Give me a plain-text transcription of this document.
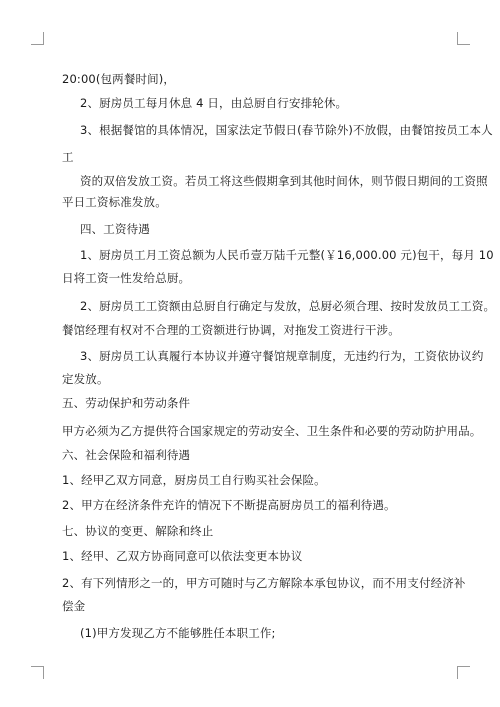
20:00(包两餐时间)，

2、厨房员工每月休息 4 日，由总厨自行安排轮休。

3、根据餐馆的具体情况，国家法定节假日(春节除外)不放假，由餐馆按员工本人

工

资的双倍发放工资。若员工将这些假期拿到其他时间休，则节假日期间的工资照

平日工资标准发放。

四、工资待遇

1、厨房员工月工资总额为人民币壹万陆千元整(￥16,000.00 元)包干，每月 10

日将工资一性发给总厨。

2、厨房员工工资额由总厨自行确定与发放，总厨必须合理、按时发放员工工资。

餐馆经理有权对不合理的工资额进行协调，对拖发工资进行干涉。

3、厨房员工认真履行本协议并遵守餐馆规章制度，无违约行为，工资依协议约

定发放。

五、劳动保护和劳动条件

甲方必须为乙方提供符合国家规定的劳动安全、卫生条件和必要的劳动防护用品。

六、社会保险和福利待遇

1、经甲乙双方同意，厨房员工自行购买社会保险。

2、甲方在经济条件充许的情况下不断提高厨房员工的福利待遇。

七、协议的变更、解除和终止

1、经甲、乙双方协商同意可以依法变更本协议

2、有下列情形之一的，甲方可随时与乙方解除本承包协议，而不用支付经济补

偿金

(1)甲方发现乙方不能够胜任本职工作;
